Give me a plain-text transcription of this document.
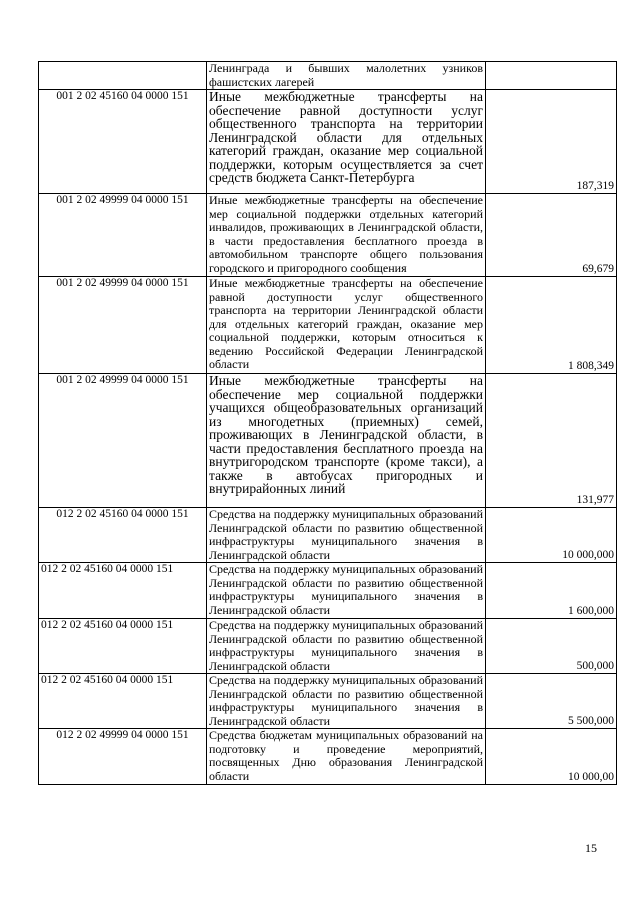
	Ленинграда и бывших малолетних узников фашистских лагерей	
001 2 02 45160 04 0000 151	Иные межбюджетные трансферты на обеспечение равной доступности услуг общественного транспорта на территории Ленинградской области для отдельных категорий граждан, оказание мер социальной поддержки, которым осуществляется за счет средств бюджета Санкт-Петербурга	187,319
001 2 02 49999 04 0000 151	Иные межбюджетные трансферты на обеспечение мер социальной поддержки отдельных категорий инвалидов, проживающих в Ленинградской области, в части предоставления бесплатного проезда в автомобильном транспорте общего пользования городского и пригородного сообщения	69,679
001 2 02 49999 04 0000 151	Иные межбюджетные трансферты на обеспечение равной доступности услуг общественного транспорта на территории Ленинградской области для отдельных категорий граждан, оказание мер социальной поддержки, которым относиться к ведению Российской Федерации Ленинградской области	1 808,349
001 2 02 49999 04 0000 151	Иные межбюджетные трансферты на обеспечение мер социальной поддержки учащихся общеобразовательных организаций из многодетных (приемных) семей, проживающих в Ленинградской области, в части предоставления бесплатного проезда на внутригородском транспорте (кроме такси), а также в автобусах пригородных и внутрирайонных линий	131,977
012 2 02 45160 04 0000 151	Средства на поддержку муниципальных образований Ленинградской области по развитию общественной инфраструктуры муниципального значения в Ленинградской области	10 000,000
012 2 02 45160 04 0000 151	Средства на поддержку муниципальных образований Ленинградской области по развитию общественной инфраструктуры муниципального значения в Ленинградской области	1 600,000
012 2 02 45160 04 0000 151	Средства на поддержку муниципальных образований Ленинградской области по развитию общественной инфраструктуры муниципального значения в Ленинградской области	500,000
012 2 02 45160 04 0000 151	Средства на поддержку муниципальных образований Ленинградской области по развитию общественной инфраструктуры муниципального значения в Ленинградской области	5 500,000
012 2 02 49999 04 0000 151	Средства бюджетам муниципальных образований на подготовку и проведение мероприятий, посвященных Дню образования Ленинградской области	10 000,00
15
